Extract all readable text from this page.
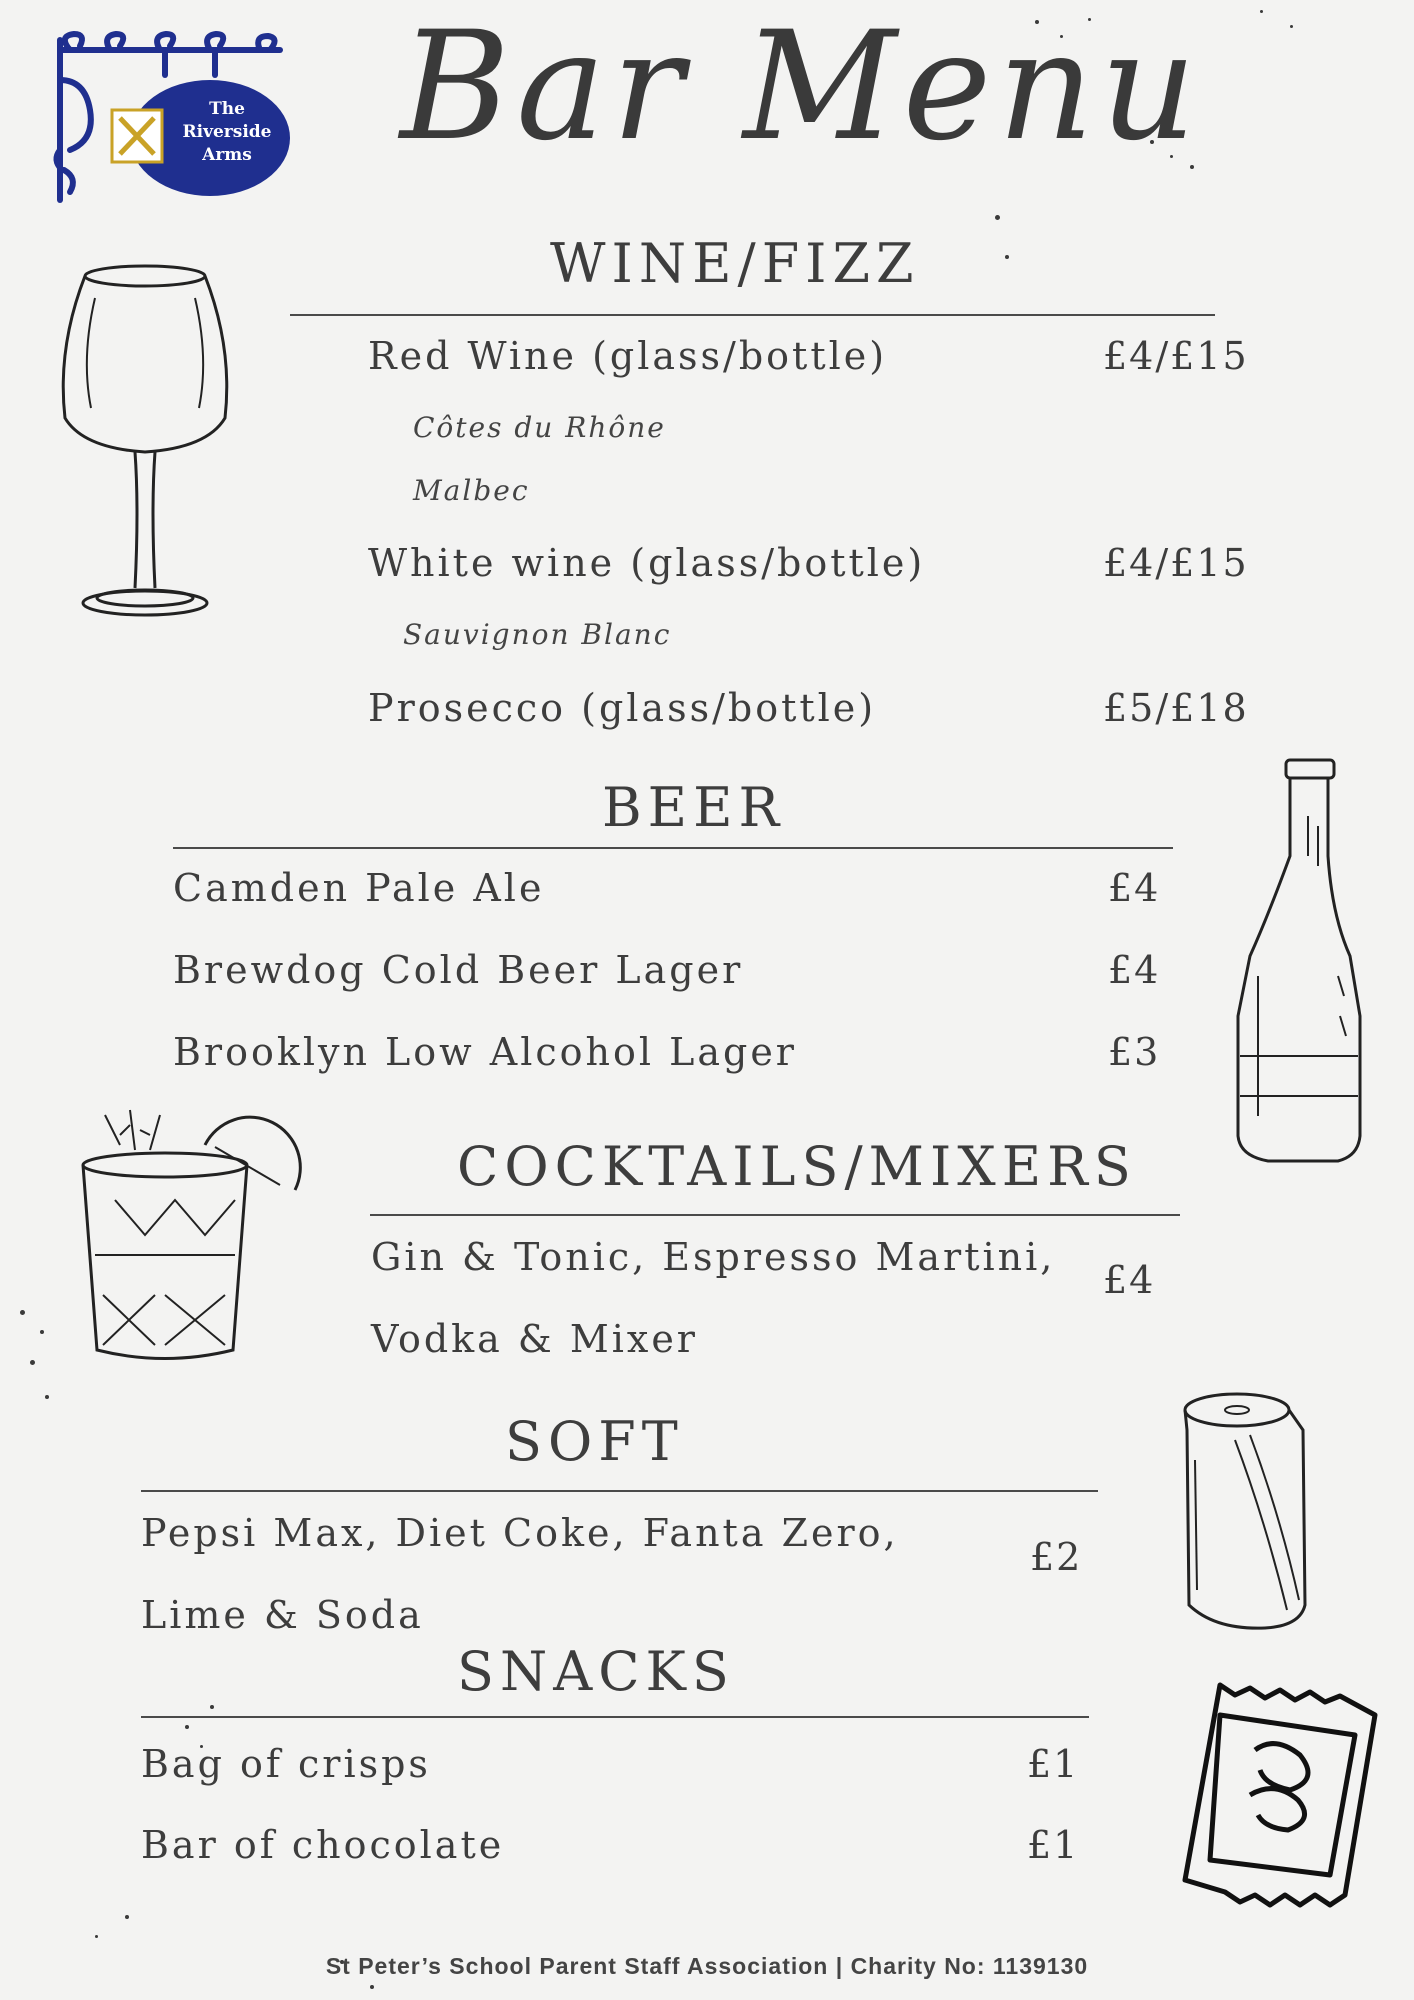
The
Riverside
Arms Bar Menu
WINE/FIZZ
Red Wine (glass/bottle)	£4/£15
Côtes du Rhône
Malbec
White wine (glass/bottle)	£4/£15
Sauvignon Blanc
Prosecco (glass/bottle)	£5/£18
BEER
Camden Pale Ale	£4
Brewdog Cold Beer Lager	£4
Brooklyn Low Alcohol Lager	£3
COCKTAILS/MIXERS
Gin & Tonic, Espresso Martini,
Vodka & Mixer
£4
SOFT
Pepsi Max, Diet Coke, Fanta Zero,
Lime & Soda
£2
SNACKS
Bag of crisps	£1
Bar of chocolate	£1
St Peter’s School Parent Staff Association | Charity No: 1139130
